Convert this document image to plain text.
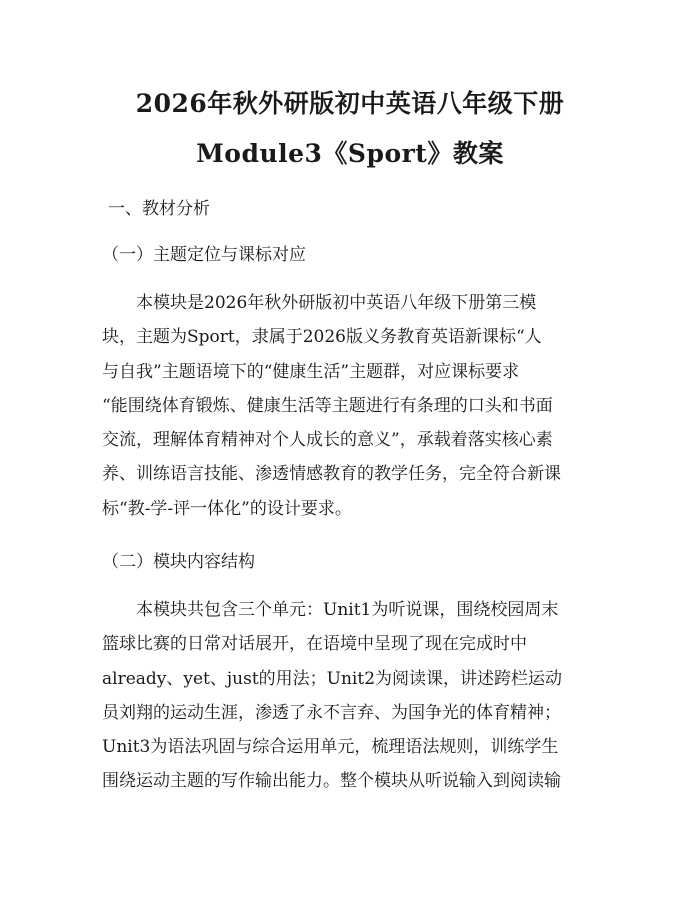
2026年秋外研版初中英语八年级下册
Module3《Sport》教案
一、教材分析
（一）主题定位与课标对应
本模块是2026年秋外研版初中英语八年级下册第三模
块，主题为Sport，隶属于2026版义务教育英语新课标“人
与自我”主题语境下的“健康生活”主题群，对应课标要求
“能围绕体育锻炼、健康生活等主题进行有条理的口头和书面
交流，理解体育精神对个人成长的意义”，承载着落实核心素
养、训练语言技能、渗透情感教育的教学任务，完全符合新课
标“教-学-评一体化”的设计要求。
（二）模块内容结构
本模块共包含三个单元：Unit1为听说课，围绕校园周末
篮球比赛的日常对话展开，在语境中呈现了现在完成时中
already、yet、just的用法；Unit2为阅读课，讲述跨栏运动
员刘翔的运动生涯，渗透了永不言弃、为国争光的体育精神；
Unit3为语法巩固与综合运用单元，梳理语法规则，训练学生
围绕运动主题的写作输出能力。整个模块从听说输入到阅读输
